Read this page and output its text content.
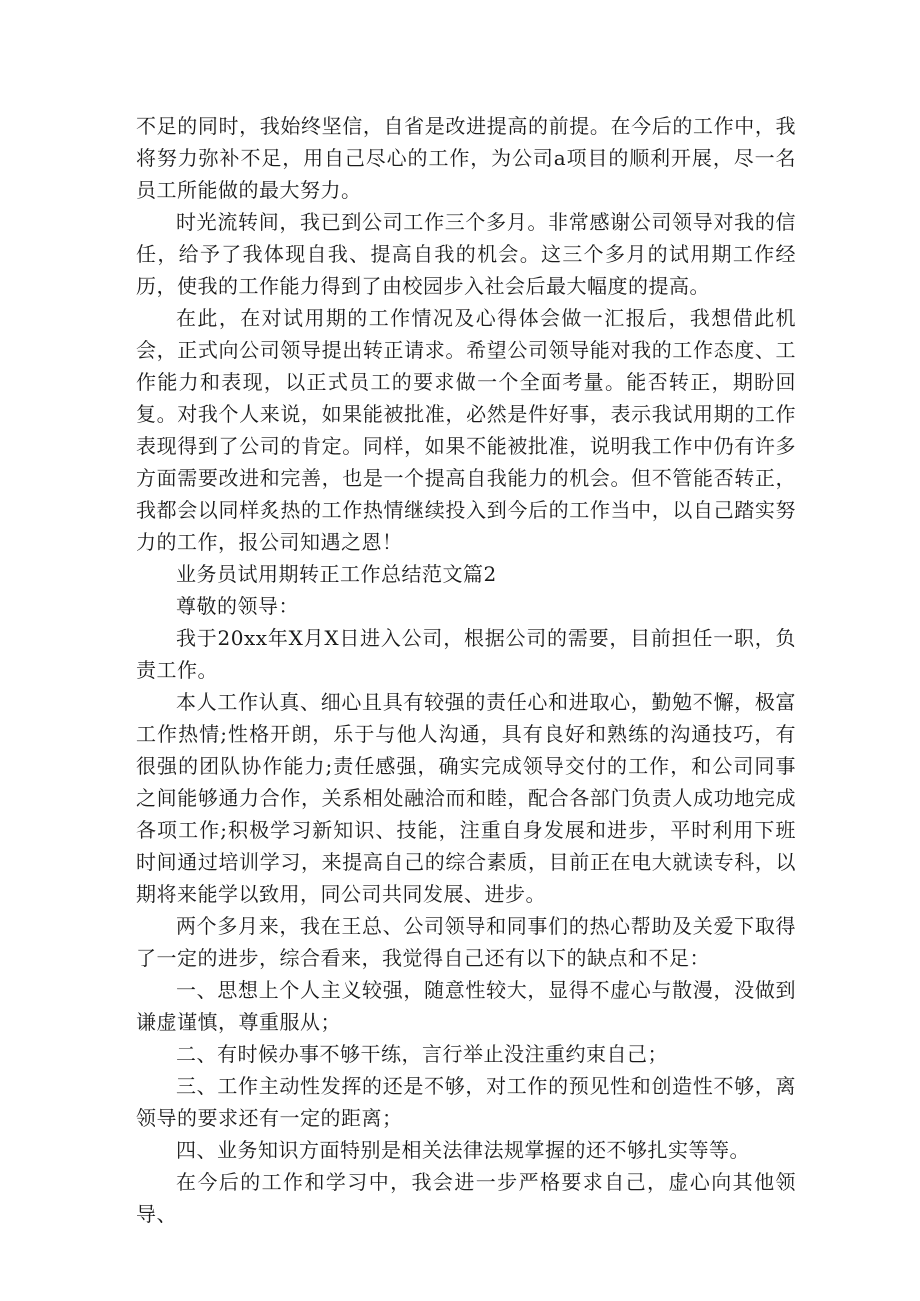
不足的同时，我始终坚信，自省是改进提高的前提。在今后的工作中，我将努力弥补不足，用自己尽心的工作，为公司a项目的顺利开展，尽一名员工所能做的最大努力。

时光流转间，我已到公司工作三个多月。非常感谢公司领导对我的信任，给予了我体现自我、提高自我的机会。这三个多月的试用期工作经历，使我的工作能力得到了由校园步入社会后最大幅度的提高。

在此，在对试用期的工作情况及心得体会做一汇报后，我想借此机会，正式向公司领导提出转正请求。希望公司领导能对我的工作态度、工作能力和表现，以正式员工的要求做一个全面考量。能否转正，期盼回复。对我个人来说，如果能被批准，必然是件好事，表示我试用期的工作表现得到了公司的肯定。同样，如果不能被批准，说明我工作中仍有许多方面需要改进和完善，也是一个提高自我能力的机会。但不管能否转正，我都会以同样炙热的工作热情继续投入到今后的工作当中，以自己踏实努力的工作，报公司知遇之恩！

业务员试用期转正工作总结范文篇2

尊敬的领导：

我于20xx年X月X日进入公司，根据公司的需要，目前担任一职，负责工作。

本人工作认真、细心且具有较强的责任心和进取心，勤勉不懈，极富工作热情;性格开朗，乐于与他人沟通，具有良好和熟练的沟通技巧，有很强的团队协作能力;责任感强，确实完成领导交付的工作，和公司同事之间能够通力合作，关系相处融洽而和睦，配合各部门负责人成功地完成各项工作;积极学习新知识、技能，注重自身发展和进步，平时利用下班时间通过培训学习，来提高自己的综合素质，目前正在电大就读专科，以期将来能学以致用，同公司共同发展、进步。

两个多月来，我在王总、公司领导和同事们的热心帮助及关爱下取得了一定的进步，综合看来，我觉得自己还有以下的缺点和不足：

一、思想上个人主义较强，随意性较大，显得不虚心与散漫，没做到谦虚谨慎，尊重服从；

二、有时候办事不够干练，言行举止没注重约束自己；

三、工作主动性发挥的还是不够，对工作的预见性和创造性不够，离领导的要求还有一定的距离；

四、业务知识方面特别是相关法律法规掌握的还不够扎实等等。

在今后的工作和学习中，我会进一步严格要求自己，虚心向其他领导、
